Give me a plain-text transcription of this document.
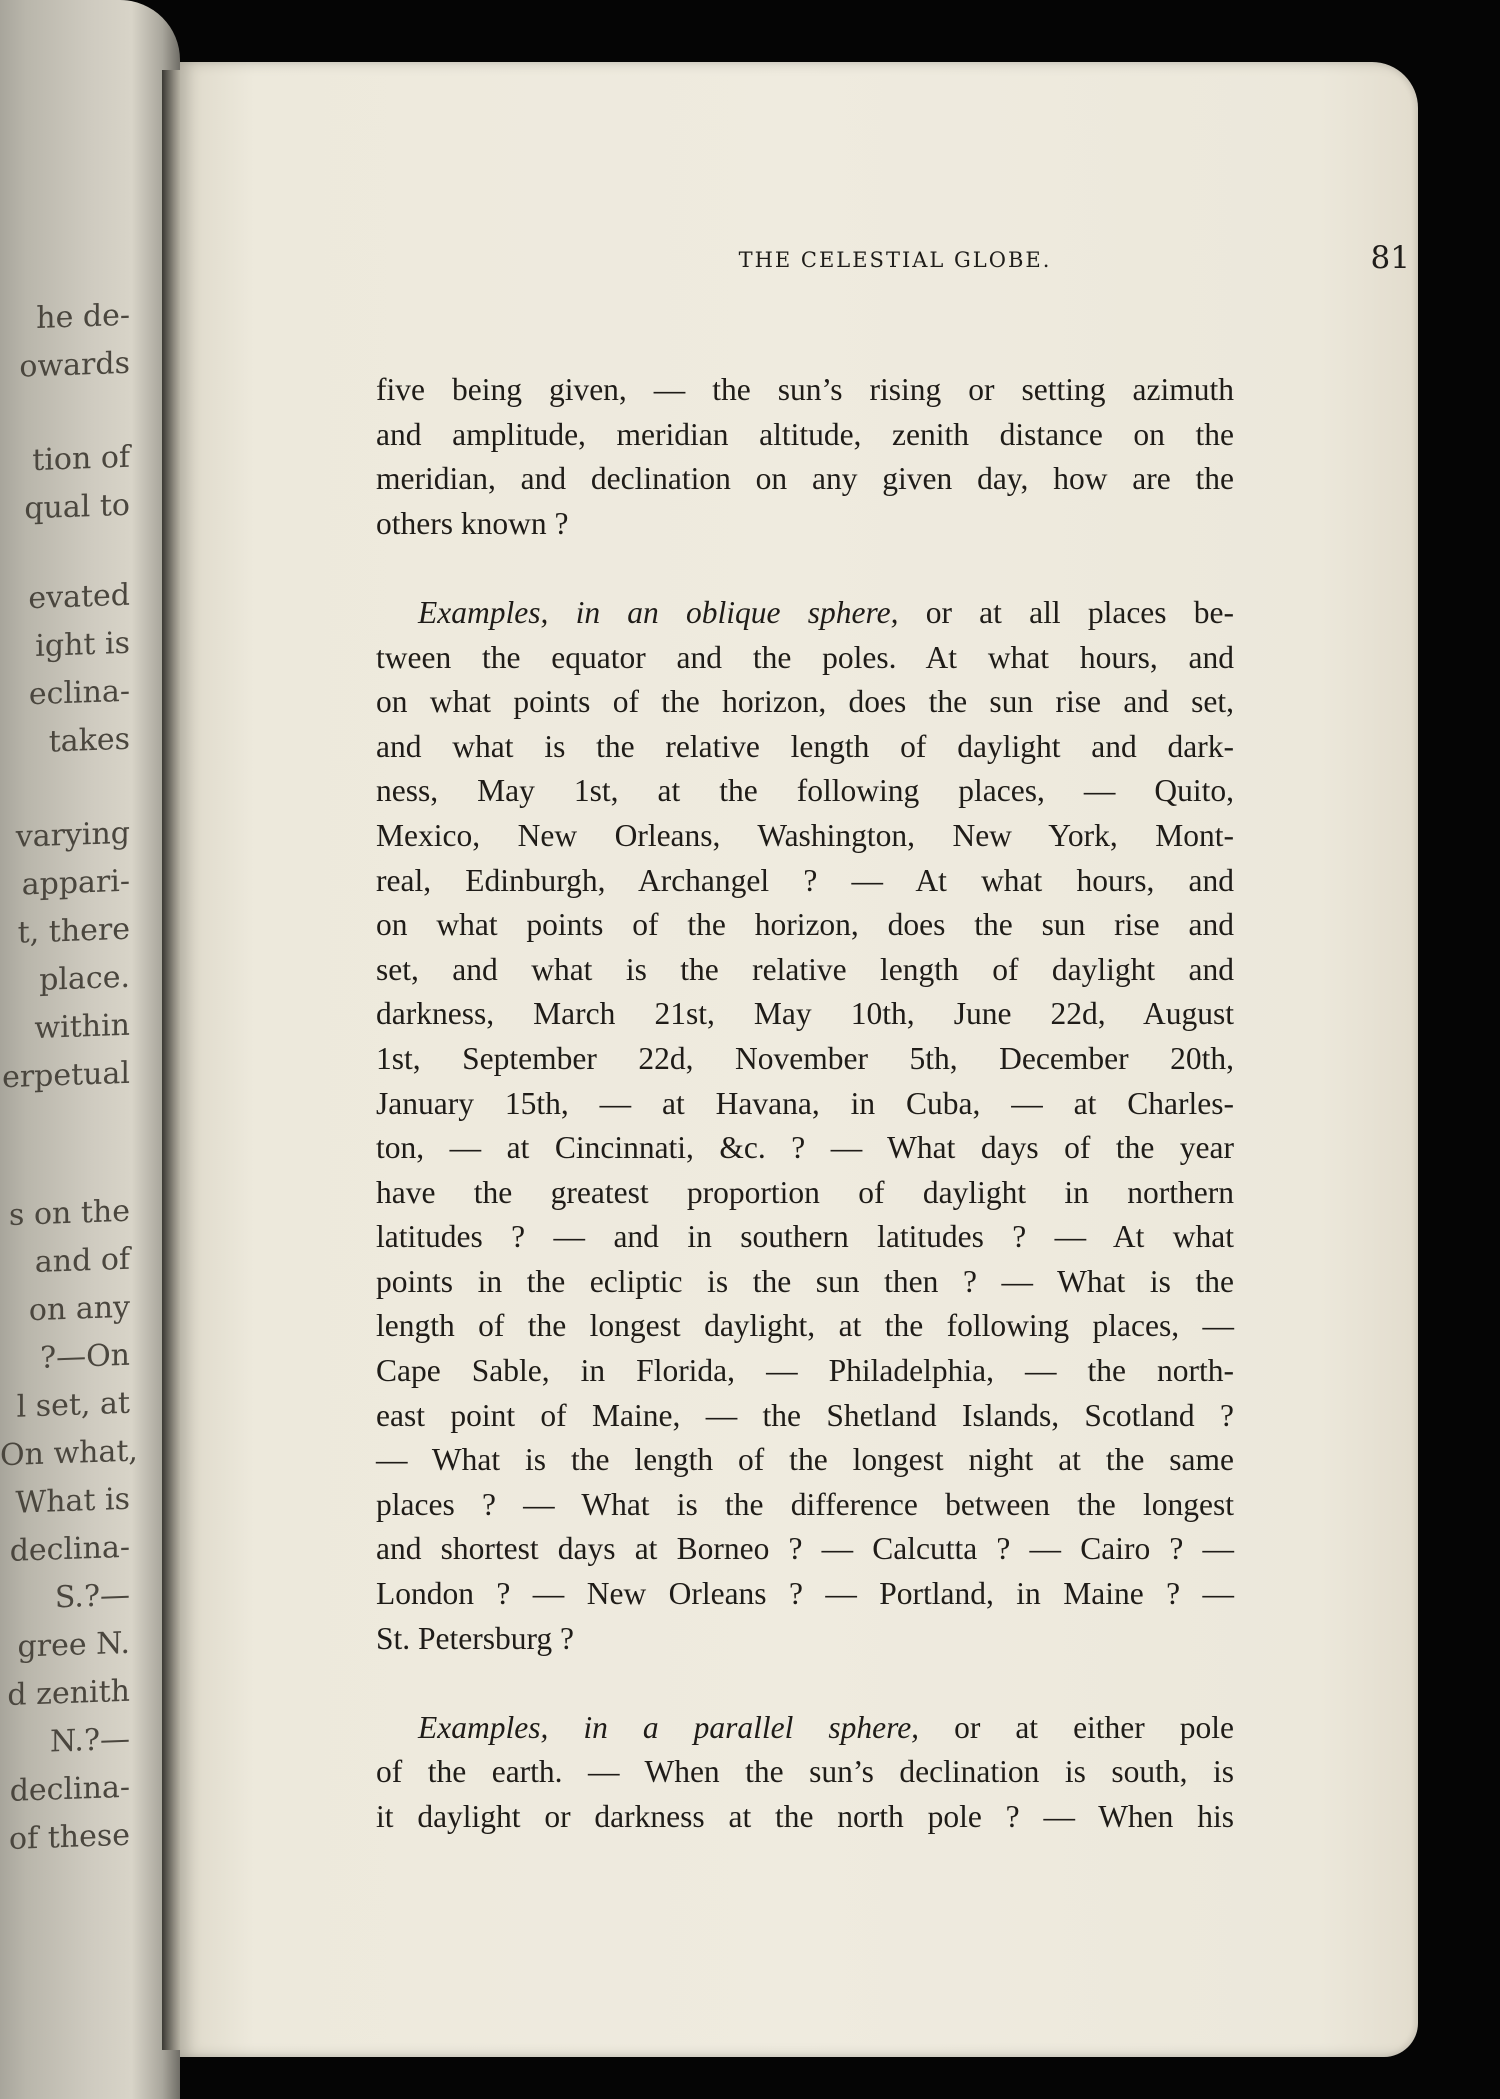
he de-
owards
tion of
qual to
evated
ight is
eclina-
takes
varying
appari-
t, there
place.
within
erpetual
s on the
and of
on any
?—On
l set, at
On what,
What is
declina-
S.?—
gree N.
d zenith
N.?—
declina-
of these
THE CELESTIAL GLOBE.	81
five being given, — the sun’s rising or setting azimuth
and amplitude, meridian altitude, zenith distance on the
meridian, and declination on any given day, how are the
others known ?
Examples, in an oblique sphere, or at all places be-
tween the equator and the poles. At what hours, and
on what points of the horizon, does the sun rise and set,
and what is the relative length of daylight and dark-
ness, May 1st, at the following places, — Quito,
Mexico, New Orleans, Washington, New York, Mont-
real, Edinburgh, Archangel ? — At what hours, and
on what points of the horizon, does the sun rise and
set, and what is the relative length of daylight and
darkness, March 21st, May 10th, June 22d, August
1st, September 22d, November 5th, December 20th,
January 15th, — at Havana, in Cuba, — at Charles-
ton, — at Cincinnati, &c. ? — What days of the year
have the greatest proportion of daylight in northern
latitudes ? — and in southern latitudes ? — At what
points in the ecliptic is the sun then ? — What is the
length of the longest daylight, at the following places, —
Cape Sable, in Florida, — Philadelphia, — the north-
east point of Maine, — the Shetland Islands, Scotland ?
— What is the length of the longest night at the same
places ? — What is the difference between the longest
and shortest days at Borneo ? — Calcutta ? — Cairo ? —
London ? — New Orleans ? — Portland, in Maine ? —
St. Petersburg ?
Examples, in a parallel sphere, or at either pole
of the earth. — When the sun’s declination is south, is
it daylight or darkness at the north pole ? — When his
